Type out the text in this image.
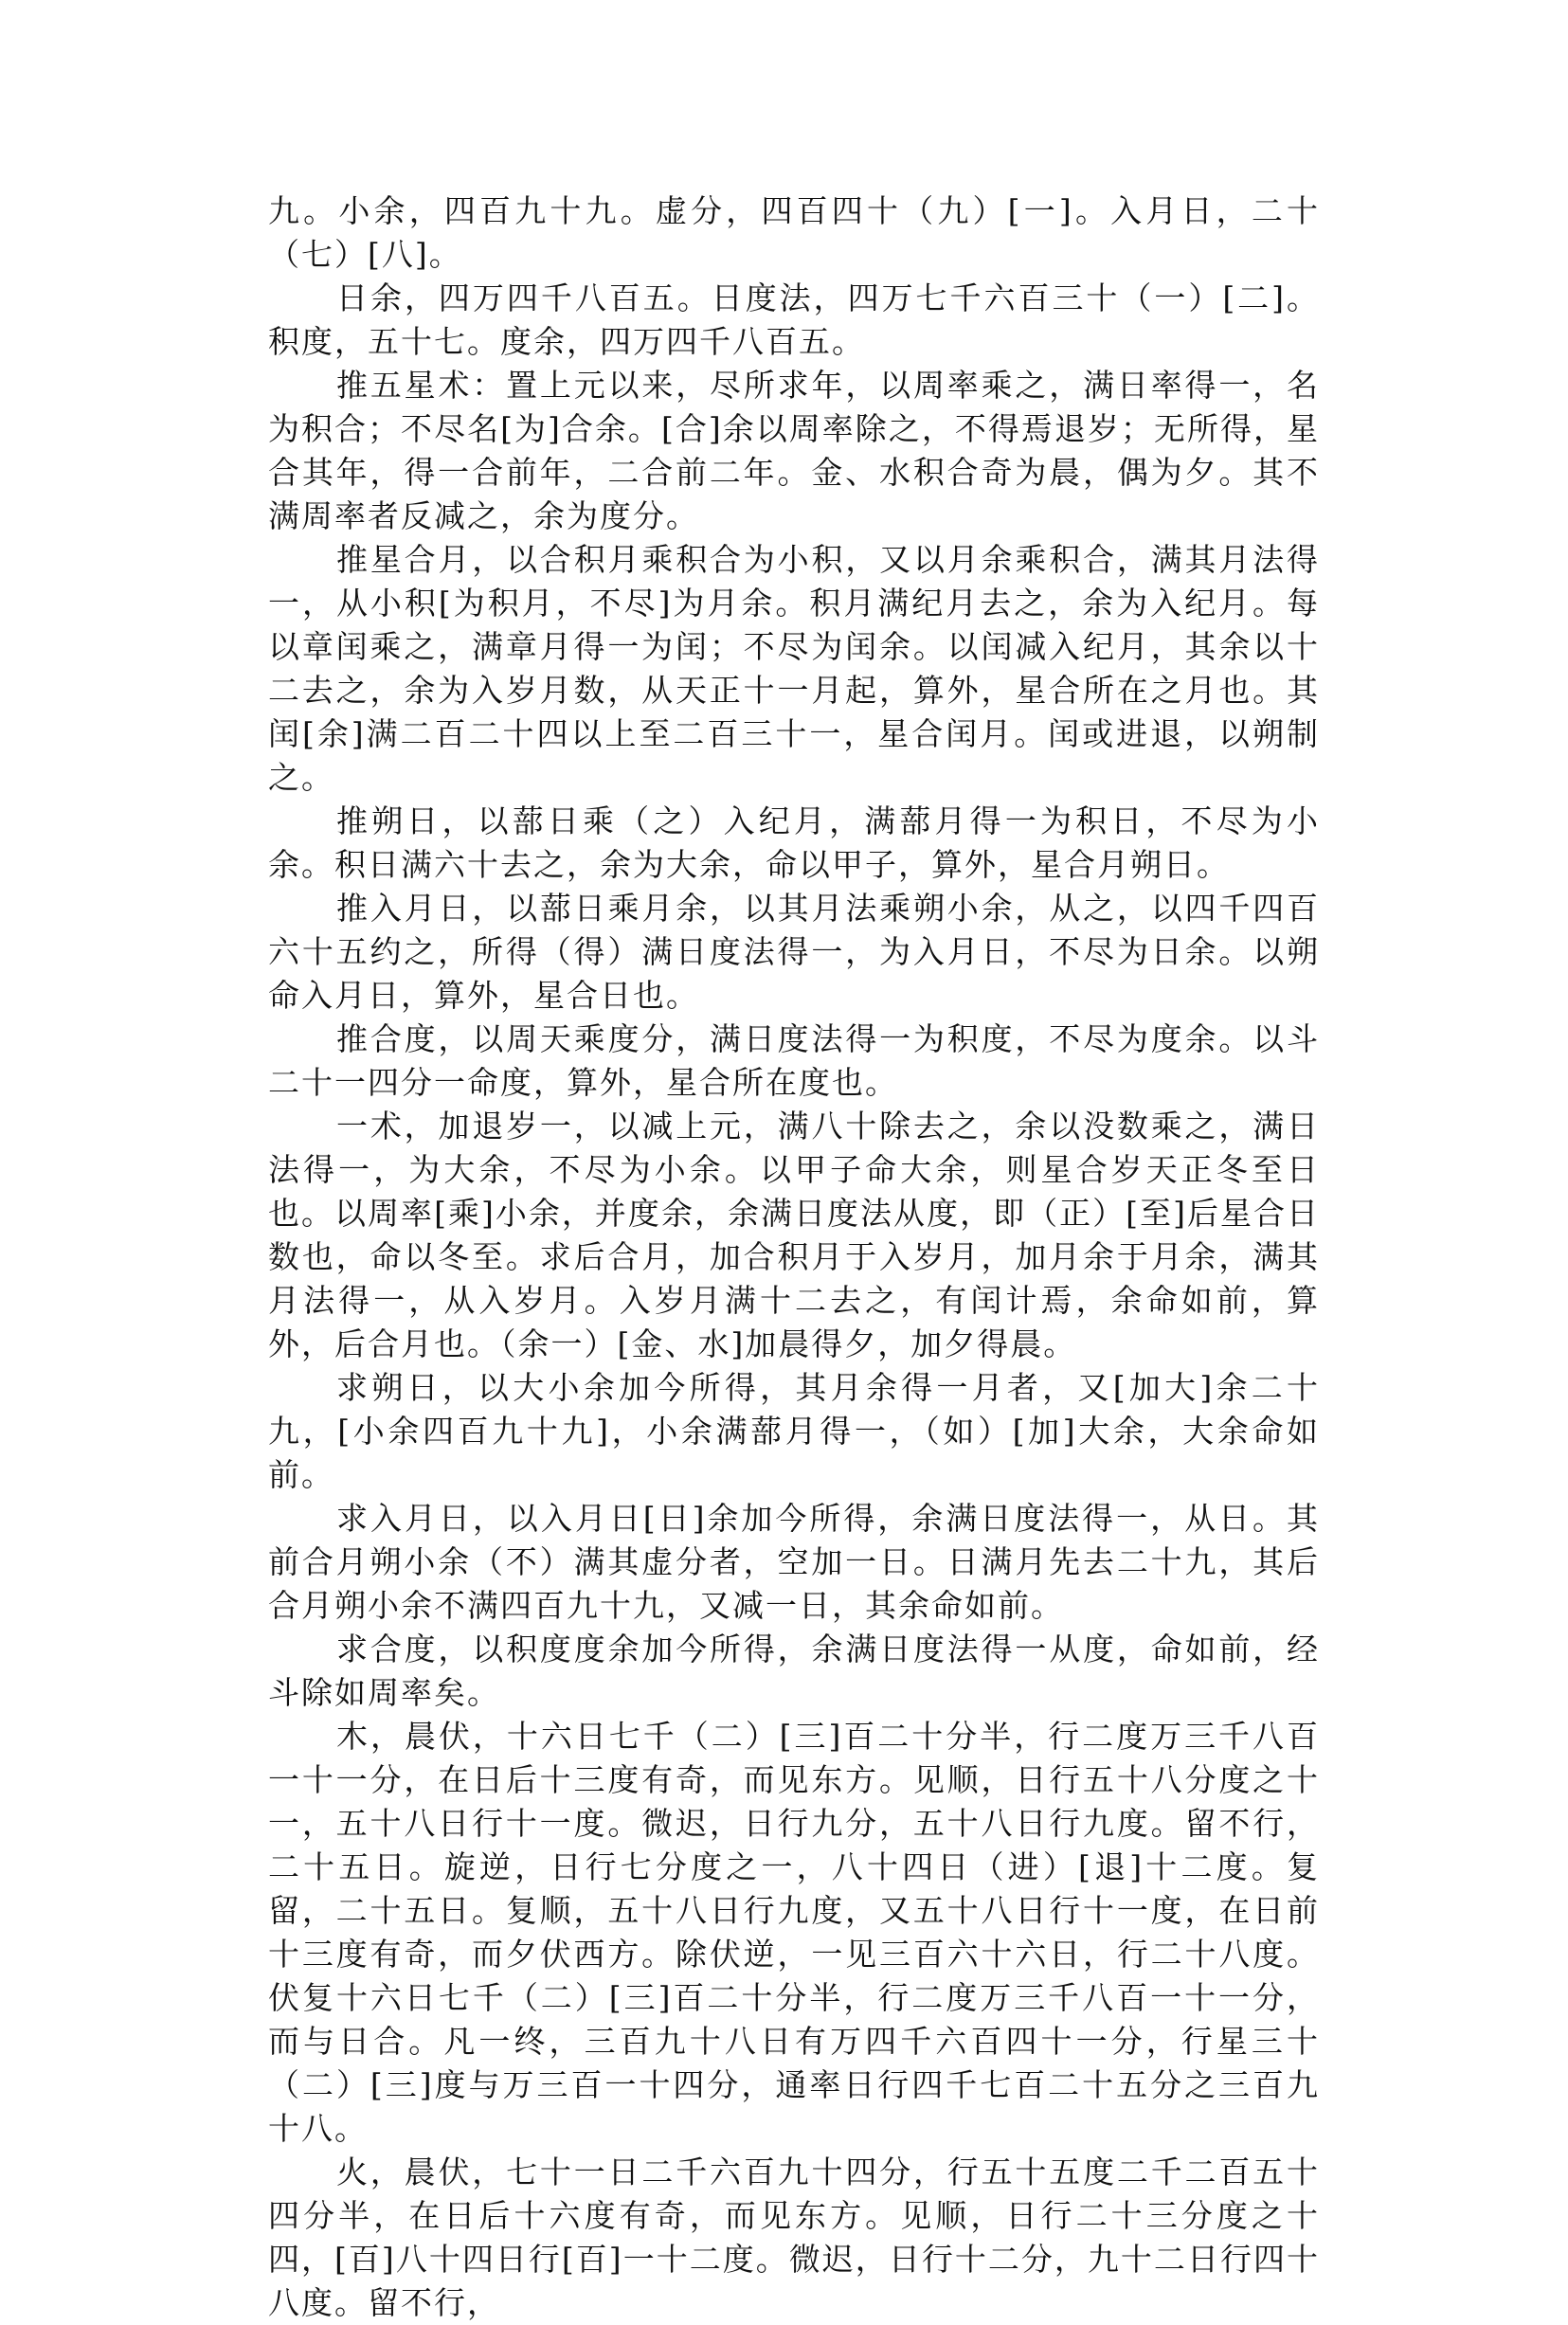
九。小余，四百九十九。虚分，四百四十（九）[一]。入月日，二十（七）[八]。

日余，四万四千八百五。日度法，四万七千六百三十（一）[二]。积度，五十七。度余，四万四千八百五。

推五星术：置上元以来，尽所求年，以周率乘之，满日率得一，名为积合；不尽名[为]合余。[合]余以周率除之，不得焉退岁；无所得，星合其年，得一合前年，二合前二年。金、水积合奇为晨，偶为夕。其不满周率者反减之，余为度分。

推星合月，以合积月乘积合为小积，又以月余乘积合，满其月法得一，从小积[为积月，不尽]为月余。积月满纪月去之，余为入纪月。每以章闰乘之，满章月得一为闰；不尽为闰余。以闰减入纪月，其余以十二去之，余为入岁月数，从天正十一月起，算外，星合所在之月也。其闰[余]满二百二十四以上至二百三十一，星合闰月。闰或进退，以朔制之。

推朔日，以蔀日乘（之）入纪月，满蔀月得一为积日，不尽为小余。积日满六十去之，余为大余，命以甲子，算外，星合月朔日。

推入月日，以蔀日乘月余，以其月法乘朔小余，从之，以四千四百六十五约之，所得（得）满日度法得一，为入月日，不尽为日余。以朔命入月日，算外，星合日也。

推合度，以周天乘度分，满日度法得一为积度，不尽为度余。以斗二十一四分一命度，算外，星合所在度也。

一术，加退岁一，以减上元，满八十除去之，余以没数乘之，满日法得一，为大余，不尽为小余。以甲子命大余，则星合岁天正冬至日也。以周率[乘]小余，并度余，余满日度法从度，即（正）[至]后星合日数也，命以冬至。求后合月，加合积月于入岁月，加月余于月余，满其月法得一，从入岁月。入岁月满十二去之，有闰计焉，余命如前，算外，后合月也。（余一）[金、水]加晨得夕，加夕得晨。

求朔日，以大小余加今所得，其月余得一月者，又[加大]余二十九，[小余四百九十九]，小余满蔀月得一，（如）[加]大余，大余命如前。

求入月日，以入月日[日]余加今所得，余满日度法得一，从日。其前合月朔小余（不）满其虚分者，空加一日。日满月先去二十九，其后合月朔小余不满四百九十九，又减一日，其余命如前。

求合度，以积度度余加今所得，余满日度法得一从度，命如前，经斗除如周率矣。

木，晨伏，十六日七千（二）[三]百二十分半，行二度万三千八百一十一分，在日后十三度有奇，而见东方。见顺，日行五十八分度之十一，五十八日行十一度。微迟，日行九分，五十八日行九度。留不行，二十五日。旋逆，日行七分度之一，八十四日（进）[退]十二度。复留，二十五日。复顺，五十八日行九度，又五十八日行十一度，在日前十三度有奇，而夕伏西方。除伏逆，一见三百六十六日，行二十八度。伏复十六日七千（二）[三]百二十分半，行二度万三千八百一十一分，而与日合。凡一终，三百九十八日有万四千六百四十一分，行星三十（二）[三]度与万三百一十四分，通率日行四千七百二十五分之三百九十八。

火，晨伏，七十一日二千六百九十四分，行五十五度二千二百五十四分半，在日后十六度有奇，而见东方。见顺，日行二十三分度之十四，[百]八十四日行[百]一十二度。微迟，日行十二分，九十二日行四十八度。留不行，
